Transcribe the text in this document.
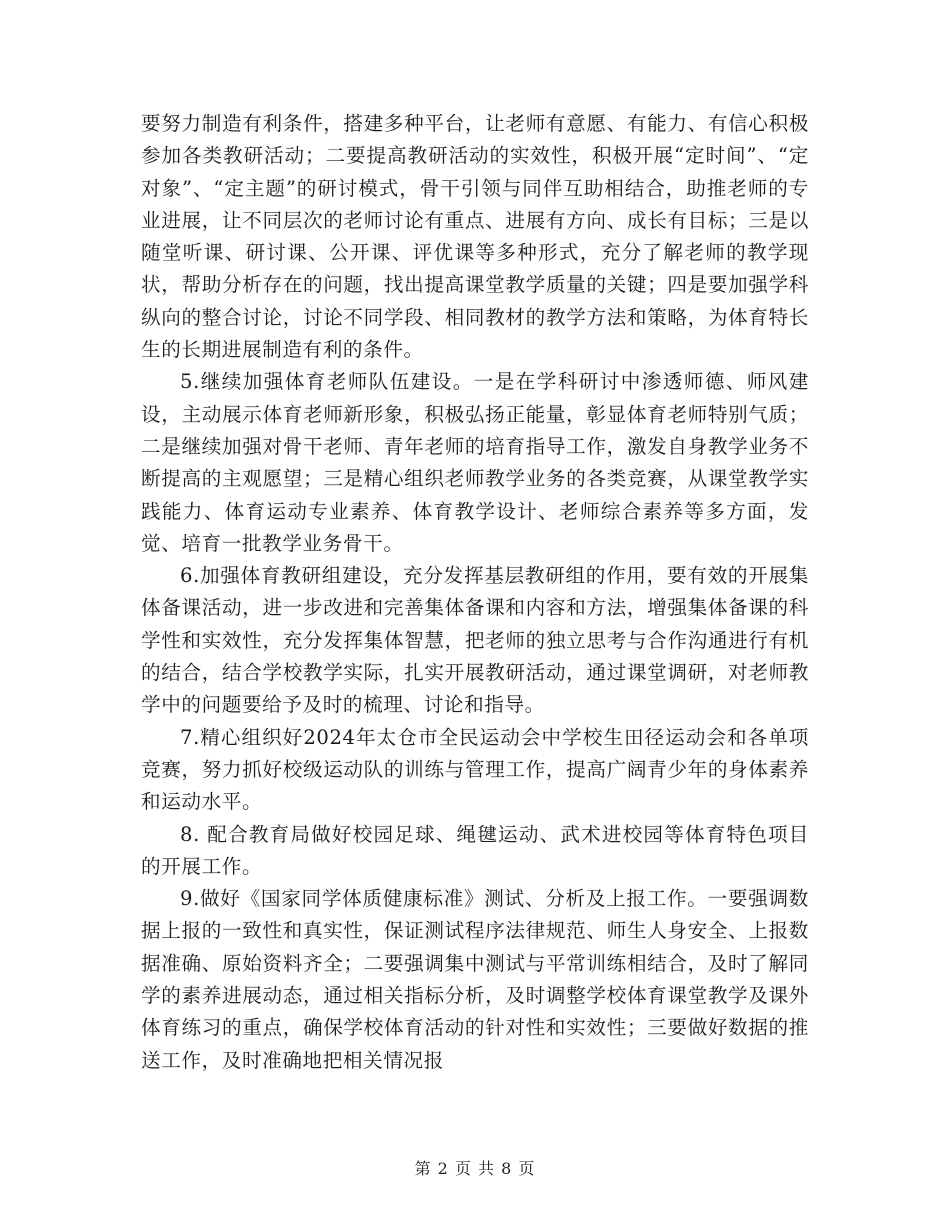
要努力制造有利条件，搭建多种平台，让老师有意愿、有能力、有信心积极参加各类教研活动；二要提高教研活动的实效性，积极开展“定时间”、“定对象”、“定主题”的研讨模式，骨干引领与同伴互助相结合，助推老师的专业进展，让不同层次的老师讨论有重点、进展有方向、成长有目标；三是以随堂听课、研讨课、公开课、评优课等多种形式，充分了解老师的教学现状，帮助分析存在的问题，找出提高课堂教学质量的关键；四是要加强学科纵向的整合讨论，讨论不同学段、相同教材的教学方法和策略，为体育特长生的长期进展制造有利的条件。

5.继续加强体育老师队伍建设。一是在学科研讨中渗透师德、师风建设，主动展示体育老师新形象，积极弘扬正能量，彰显体育老师特别气质；二是继续加强对骨干老师、青年老师的培育指导工作，激发自身教学业务不断提高的主观愿望；三是精心组织老师教学业务的各类竞赛，从课堂教学实践能力、体育运动专业素养、体育教学设计、老师综合素养等多方面，发觉、培育一批教学业务骨干。

6.加强体育教研组建设，充分发挥基层教研组的作用，要有效的开展集体备课活动，进一步改进和完善集体备课和内容和方法，增强集体备课的科学性和实效性，充分发挥集体智慧，把老师的独立思考与合作沟通进行有机的结合，结合学校教学实际，扎实开展教研活动，通过课堂调研，对老师教学中的问题要给予及时的梳理、讨论和指导。

7.精心组织好2024年太仓市全民运动会中学校生田径运动会和各单项竞赛，努力抓好校级运动队的训练与管理工作，提高广阔青少年的身体素养和运动水平。

8. 配合教育局做好校园足球、绳毽运动、武术进校园等体育特色项目的开展工作。

9.做好《国家同学体质健康标准》测试、分析及上报工作。一要强调数据上报的一致性和真实性，保证测试程序法律规范、师生人身安全、上报数据准确、原始资料齐全；二要强调集中测试与平常训练相结合，及时了解同学的素养进展动态，通过相关指标分析，及时调整学校体育课堂教学及课外体育练习的重点，确保学校体育活动的针对性和实效性；三要做好数据的推送工作，及时准确地把相关情况报

第 2 页 共 8 页
